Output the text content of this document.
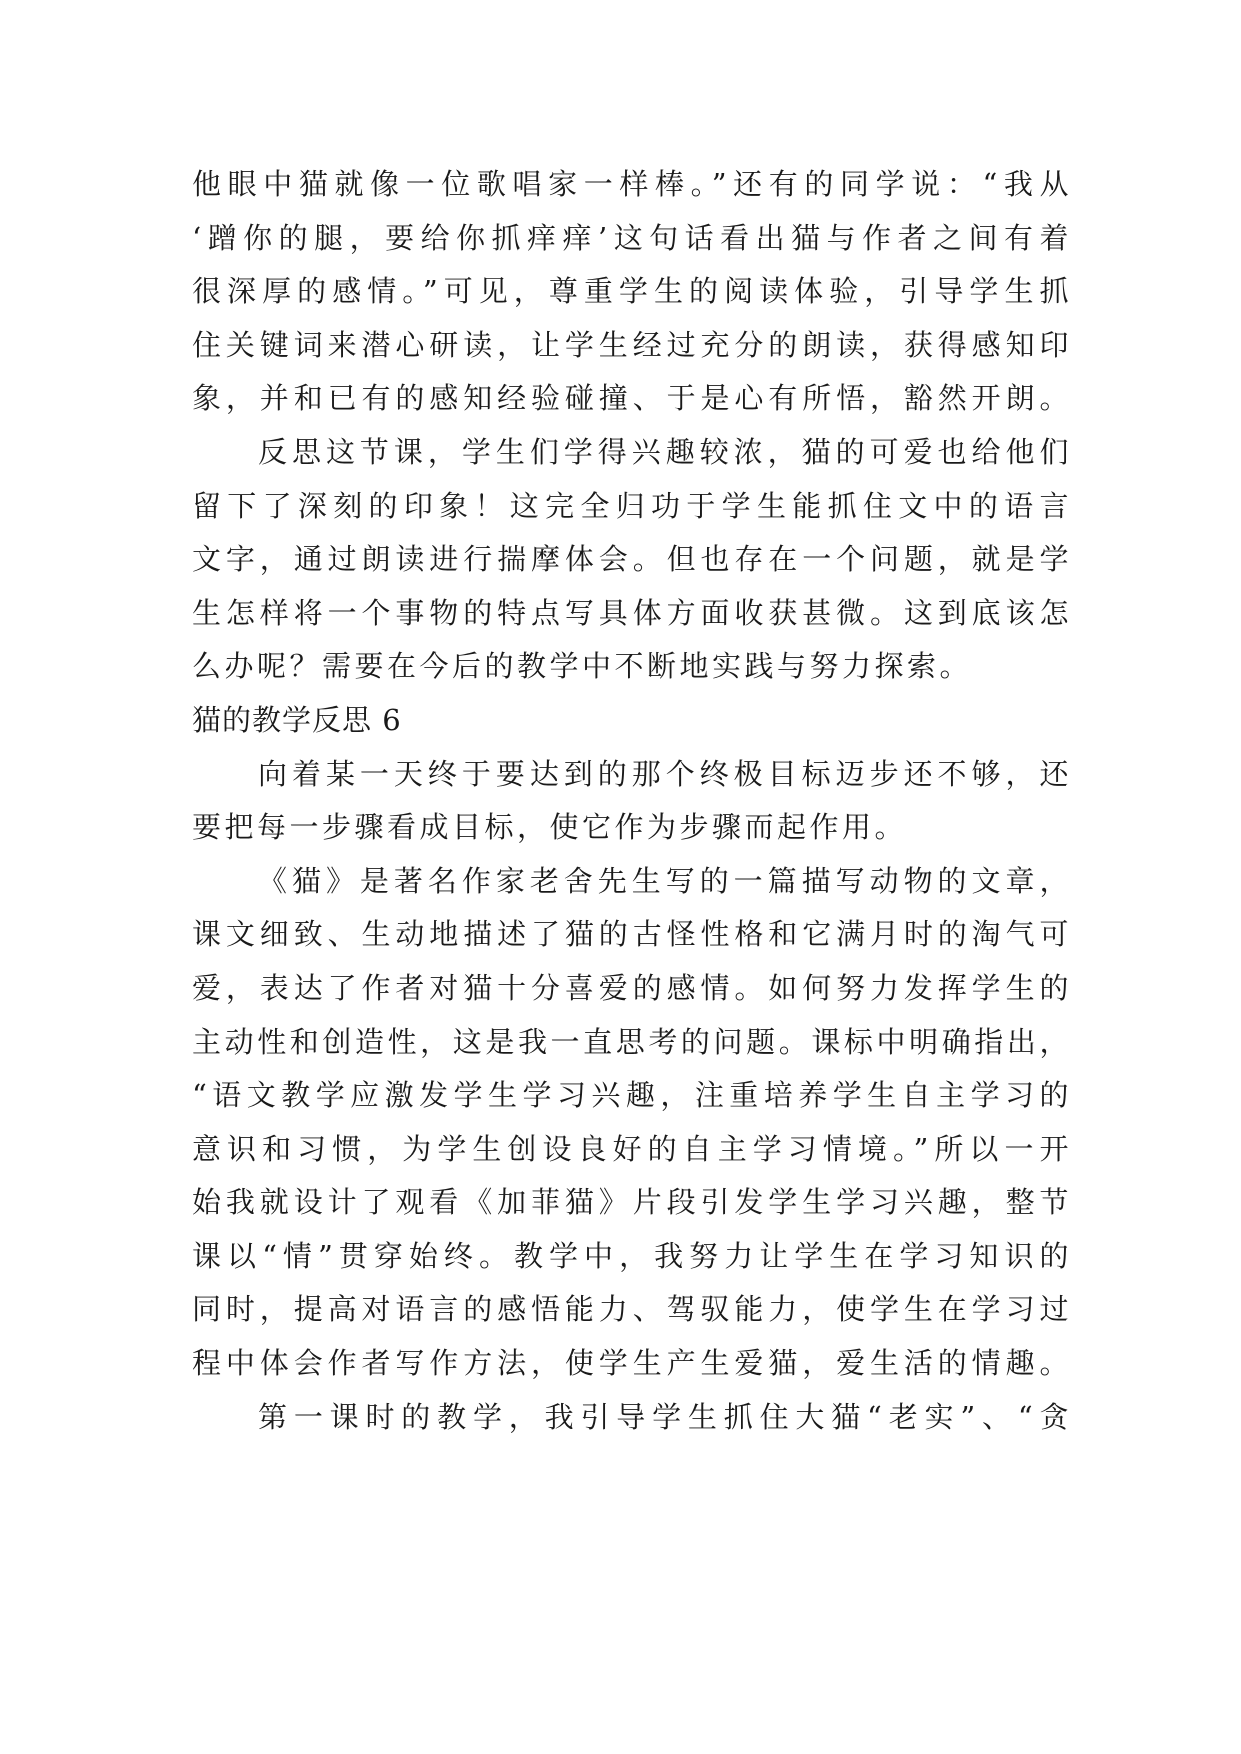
他眼中猫就像一位歌唱家一样棒。”还有的同学说：“我从
‘蹭你的腿，要给你抓痒痒’这句话看出猫与作者之间有着
很深厚的感情。”可见，尊重学生的阅读体验，引导学生抓
住关键词来潜心研读，让学生经过充分的朗读，获得感知印
象，并和已有的感知经验碰撞、于是心有所悟，豁然开朗。
反思这节课，学生们学得兴趣较浓，猫的可爱也给他们
留下了深刻的印象！这完全归功于学生能抓住文中的语言
文字，通过朗读进行揣摩体会。但也存在一个问题，就是学
生怎样将一个事物的特点写具体方面收获甚微。这到底该怎
么办呢？需要在今后的教学中不断地实践与努力探索。
猫的教学反思 6
向着某一天终于要达到的那个终极目标迈步还不够，还
要把每一步骤看成目标，使它作为步骤而起作用。
《猫》是著名作家老舍先生写的一篇描写动物的文章，
课文细致、生动地描述了猫的古怪性格和它满月时的淘气可
爱，表达了作者对猫十分喜爱的感情。如何努力发挥学生的
主动性和创造性，这是我一直思考的问题。课标中明确指出，
“语文教学应激发学生学习兴趣，注重培养学生自主学习的
意识和习惯，为学生创设良好的自主学习情境。”所以一开
始我就设计了观看《加菲猫》片段引发学生学习兴趣，整节
课以“情”贯穿始终。教学中，我努力让学生在学习知识的
同时，提高对语言的感悟能力、驾驭能力，使学生在学习过
程中体会作者写作方法，使学生产生爱猫，爱生活的情趣。
第一课时的教学，我引导学生抓住大猫“老实”、“贪
